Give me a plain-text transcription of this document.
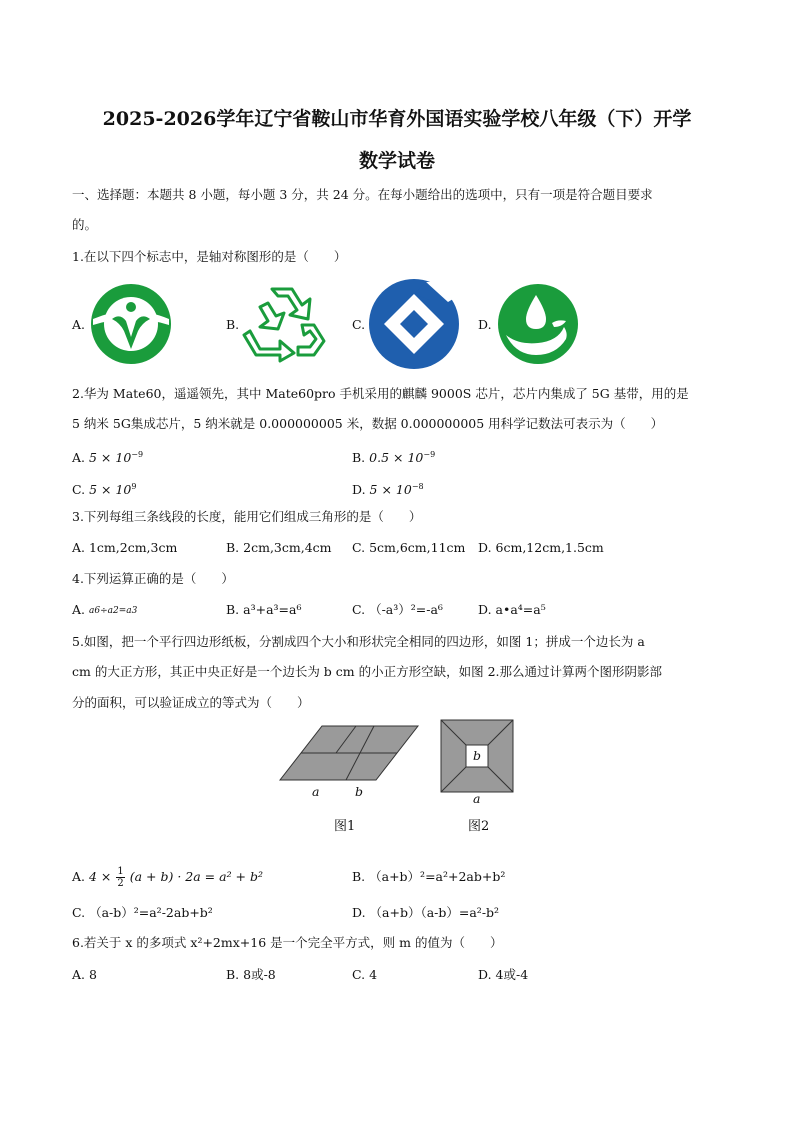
2025-2026学年辽宁省鞍山市华育外国语实验学校八年级（下）开学
数学试卷
一、选择题：本题共 8 小题，每小题 3 分，共 24 分。在每小题给出的选项中，只有一项是符合题目要求
的。
1.在以下四个标志中，是轴对称图形的是（　　）
A.	B.	C.	D.
2.华为 Mate60，遥遥领先，其中 Mate60pro 手机采用的麒麟 9000S 芯片，芯片内集成了 5G 基带，用的是
5 纳米 5G集成芯片，5 纳米就是 0.000000005 米，数据 0.000000005 用科学记数法可表示为（　　）
A. $5 \times 10^{-9}$	B. $0.5 \times 10^{-9}$
C. $5 \times 10^9$	D. $5 \times 10^{-8}$
3.下列每组三条线段的长度，能用它们组成三角形的是（　　）
A. 1cm,2cm,3cm	B. 2cm,3cm,4cm C. 5cm,6cm,11cm D. 6cm,12cm,1.5cm
4.下列运算正确的是（　　）
A. a6÷a2=a3	B. a³+a³=a⁶	C. （-a³）²=-a⁶	D. a•a⁴=a⁵
5.如图，把一个平行四边形纸板，分割成四个大小和形状完全相同的四边形，如图 1；拼成一个边长为 a
cm 的大正方形，其正中央正好是一个边长为 b cm 的小正方形空缺，如图 2.那么通过计算两个图形阴影部
分的面积，可以验证成立的等式为（　　）
a	b
图1
b
a
图2
A. $4 \times \frac{1}{2} (a + b) \cdot 2a = a^2 + b^2$	B. （a+b）²=a²+2ab+b²
C. （a-b）²=a²-2ab+b²	D. （a+b）（a-b）=a²-b²
6.若关于 x 的多项式 x²+2mx+16 是一个完全平方式，则 m 的值为（　　）
A. 8	B. 8或-8	C. 4	D. 4或-4
